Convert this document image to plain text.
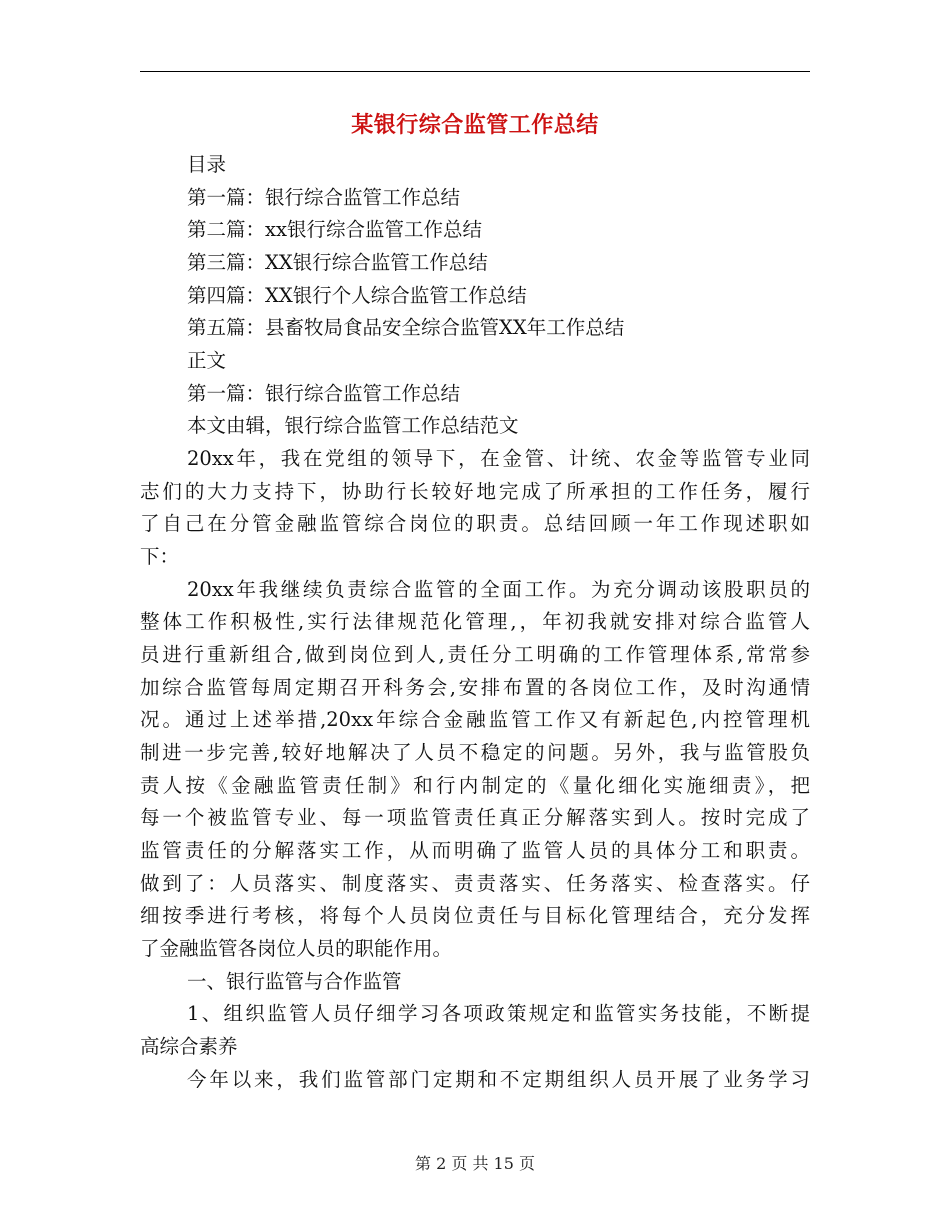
某银行综合监管工作总结
目录
第一篇：银行综合监管工作总结
第二篇：xx银行综合监管工作总结
第三篇：XX银行综合监管工作总结
第四篇：XX银行个人综合监管工作总结
第五篇：县畜牧局食品安全综合监管XX年工作总结
正文
第一篇：银行综合监管工作总结
本文由辑，银行综合监管工作总结范文
20xx年，我在党组的领导下，在金管、计统、农金等监管专业同
志们的大力支持下，协助行长较好地完成了所承担的工作任务，履行
了自己在分管金融监管综合岗位的职责。总结回顾一年工作现述职如
下：
20xx年我继续负责综合监管的全面工作。为充分调动该股职员的
整体工作积极性,实行法律规范化管理,，年初我就安排对综合监管人
员进行重新组合,做到岗位到人,责任分工明确的工作管理体系,常常参
加综合监管每周定期召开科务会,安排布置的各岗位工作，及时沟通情
况。通过上述举措,20xx年综合金融监管工作又有新起色,内控管理机
制进一步完善,较好地解决了人员不稳定的问题。另外，我与监管股负
责人按《金融监管责任制》和行内制定的《量化细化实施细责》，把
每一个被监管专业、每一项监管责任真正分解落实到人。按时完成了
监管责任的分解落实工作，从而明确了监管人员的具体分工和职责。
做到了：人员落实、制度落实、责责落实、任务落实、检查落实。仔
细按季进行考核，将每个人员岗位责任与目标化管理结合，充分发挥
了金融监管各岗位人员的职能作用。
一、银行监管与合作监管
1、组织监管人员仔细学习各项政策规定和监管实务技能，不断提
高综合素养
今年以来，我们监管部门定期和不定期组织人员开展了业务学习
第 2 页 共 15 页
